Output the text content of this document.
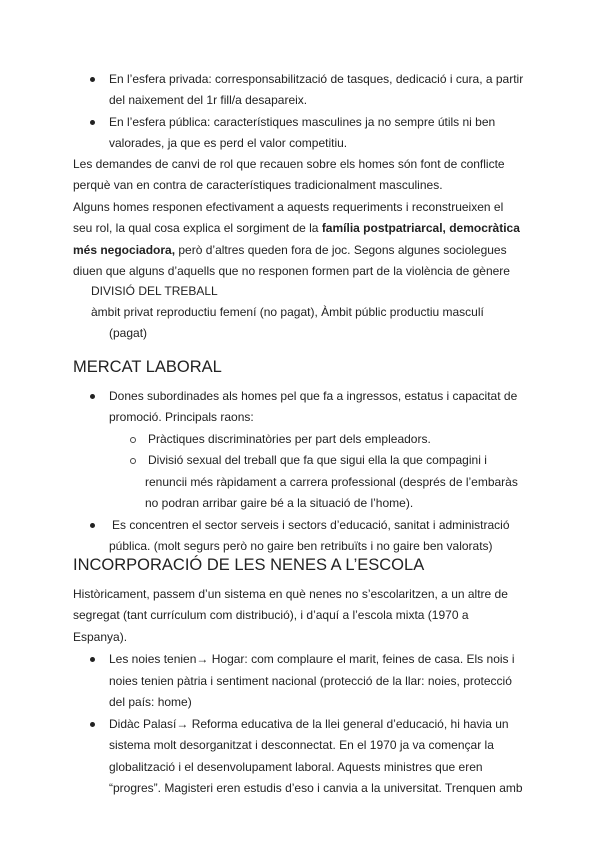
En l’esfera privada: corresponsabilització de tasques, dedicació i cura, a partir
del naixement del 1r fill/a desapareix.
En l’esfera pública: característiques masculines ja no sempre útils ni ben
valorades, ja que es perd el valor competitiu.
Les demandes de canvi de rol que recauen sobre els homes són font de conflicte
perquè van en contra de característiques tradicionalment masculines.
Alguns homes responen efectivament a aquests requeriments i reconstrueixen el
seu rol, la qual cosa explica el sorgiment de la família postpatriarcal, democràtica
més negociadora, però d’altres queden fora de joc. Segons algunes sociolegues
diuen que alguns d’aquells que no responen formen part de la violència de gènere
DIVISIÓ DEL TREBALL
àmbit privat reproductiu femení (no pagat), Àmbit públic productiu masculí
(pagat)
MERCAT LABORAL
Dones subordinades als homes pel que fa a ingressos, estatus i capacitat de
promoció. Principals raons:
Pràctiques discriminatòries per part dels empleadors.
Divisió sexual del treball que fa que sigui ella la que compagini i
renuncii més ràpidament a carrera professional (després de l’embaràs
no podran arribar gaire bé a la situació de l’home).
Es concentren el sector serveis i sectors d’educació, sanitat i administració
pública. (molt segurs però no gaire ben retribuïts i no gaire ben valorats)
INCORPORACIÓ DE LES NENES A L’ESCOLA
Històricament, passem d’un sistema en què nenes no s’escolaritzen, a un altre de
segregat (tant currículum com distribució), i d’aquí a l’escola mixta (1970 a
Espanya).
Les noies tenien→ Hogar: com complaure el marit, feines de casa. Els nois i
noies tenien pàtria i sentiment nacional (protecció de la llar: noies, protecció
del país: home)
Didàc Palasí→ Reforma educativa de la llei general d’educació, hi havia un
sistema molt desorganitzat i desconnectat. En el 1970 ja va començar la
globalització i el desenvolupament laboral. Aquests ministres que eren
“progres”. Magisteri eren estudis d’eso i canvia a la universitat. Trenquen amb
